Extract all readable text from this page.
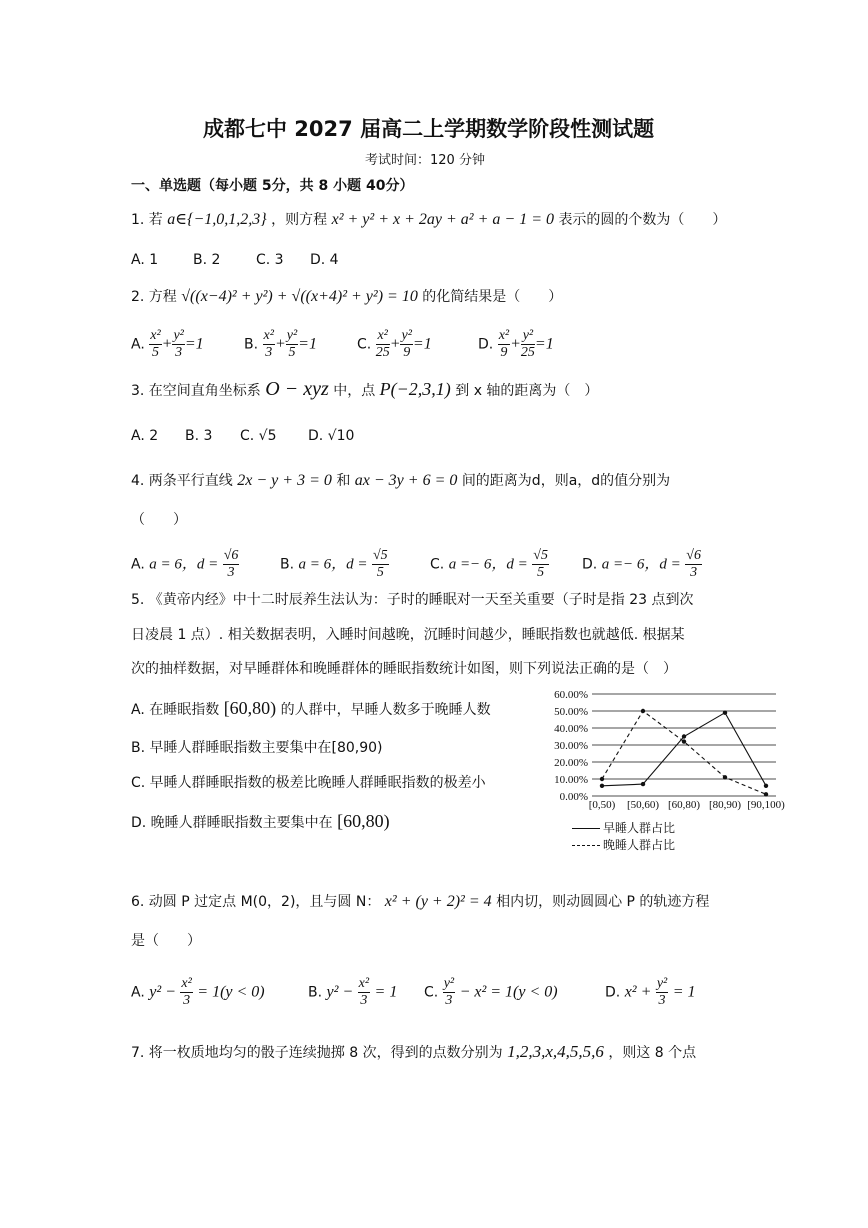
成都七中 2027 届高二上学期数学阶段性测试题
考试时间：120 分钟
一、单选题（每小题 5分，共 8 小题 40分）
1. 若 a∈{−1,0,1,2,3} ，则方程 x² + y² + x + 2ay + a² + a − 1 = 0 表示的圆的个数为（　　）
A. 1 B. 2	C. 3 D. 4
2. 方程 √((x−4)² + y²) + √((x+4)² + y²) = 10 的化简结果是（　　）
A. $\frac{\text{x²}}{5} + \frac{\text{y²}}{3} =1$	B. $\frac{\text{x²}}{3} + \frac{\text{y²}}{5} =1$	C. $\frac{\text{x²}}{25} + \frac{\text{y²}}{9} =1$	D. $\frac{\text{x²}}{9} + \frac{\text{y²}}{25} =1$
3. 在空间直角坐标系 O − xyz 中，点 P(−2,3,1) 到 x 轴的距离为（　）
A. 2 B. 3 C. √5 D. √10
4. 两条平行直线 2x − y + 3 = 0 和 ax − 3y + 6 = 0 间的距离为d，则a，d的值分别为
（　　）
A. a = 6，$d = \frac{√6}{3}$	B. a = 6，$d = \frac{√5}{5}$	C. a =− 6，$d = \frac{√5}{5} D$. a =− 6，$d = \frac{√6}{3}$
5. 《黄帝内经》中十二时辰养生法认为：子时的睡眠对一天至关重要（子时是指 23 点到次
日凌晨 1 点）. 相关数据表明，入睡时间越晚，沉睡时间越少，睡眠指数也就越低. 根据某
次的抽样数据，对早睡群体和晚睡群体的睡眠指数统计如图，则下列说法正确的是（　）
A. 在睡眠指数 [60,80) 的人群中，早睡人数多于晚睡人数
B. 早睡人群睡眠指数主要集中在[80,90)
C. 早睡人群睡眠指数的极差比晚睡人群睡眠指数的极差小
D. 晚睡人群睡眠指数主要集中在 [60,80)
60.00%
50.00%
40.00%
30.00%
20.00%
10.00%
0.00%
[0,50) [50,60) [60,80) [80,90) [90,100)
早睡人群占比
晚睡人群占比
6. 动圆 P 过定点 M(0，2)，且与圆 N： x² + (y + 2)² = 4 相内切，则动圆圆心 P 的轨迹方程
是（　　）
A. $y^2 - \frac{\text{x²}}{3} = 1(y < 0)$	B. $y^2 - \frac{\text{x²}}{3} = 1$ C. $\frac{\text{y²}}{3} - x^2 = 1(y < 0)$	D. $x^2 + \frac{\text{y²}}{3} = 1$
7. 将一枚质地均匀的骰子连续抛掷 8 次，得到的点数分别为 1,2,3,x,4,5,5,6 ，则这 8 个点
